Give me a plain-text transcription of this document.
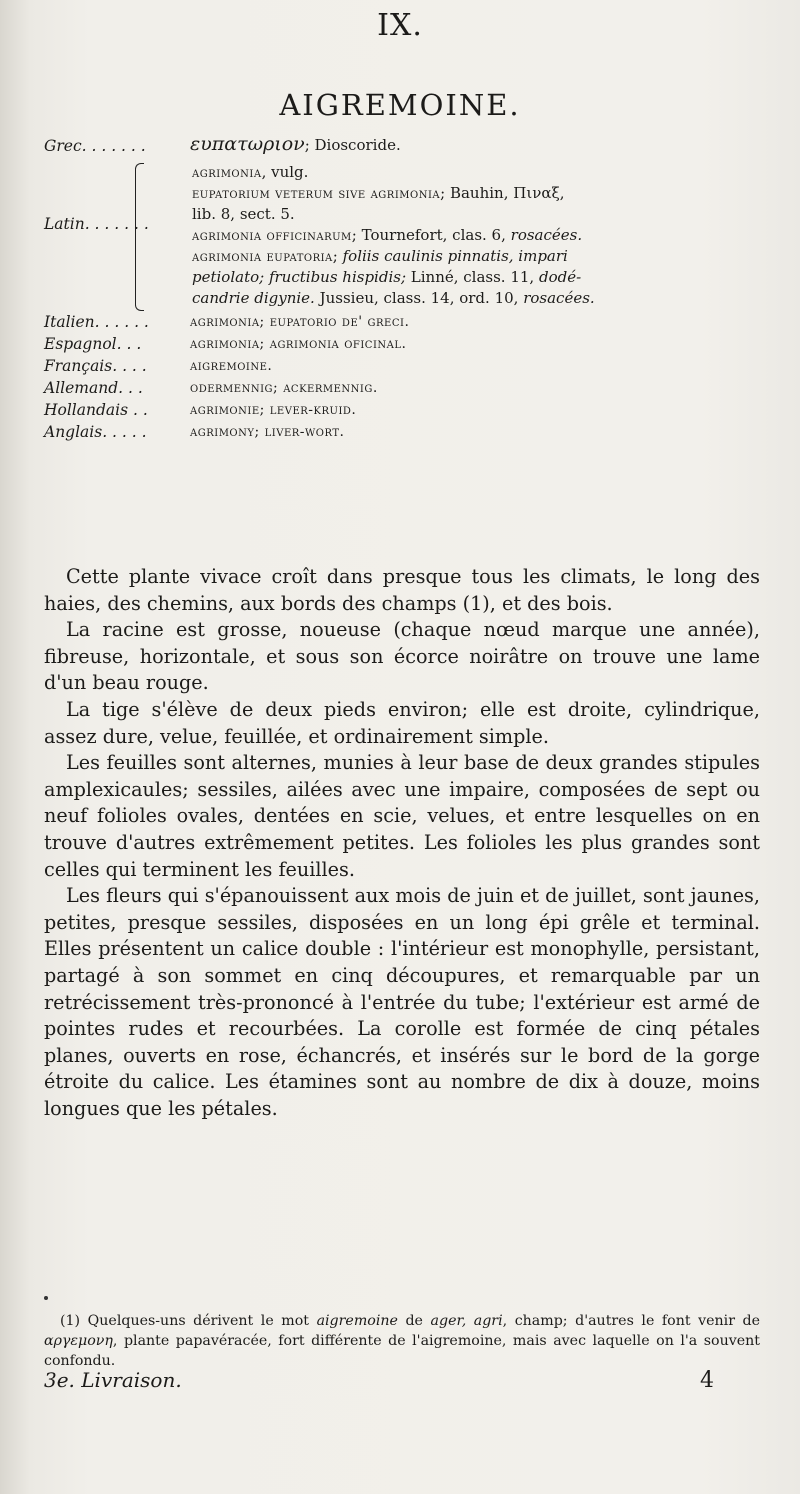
IX.
AIGREMOINE.
Grec. . . . . . . ευπατωριον; Dioscoride.
Latin. . . . . . .
agrimonia, vulg.
eupatorium veterum sive agrimonia; Bauhin, Πιναξ,
lib. 8, sect. 5.
agrimonia officinarum; Tournefort, clas. 6, rosacées.
agrimonia eupatoria; foliis caulinis pinnatis, impari
petiolato; fructibus hispidis; Linné, class. 11, dodé-
candrie digynie. Jussieu, class. 14, ord. 10, rosacées.
Italien. . . . . .	agrimonia; eupatorio de' greci.
Espagnol. . .	agrimonia; agrimonia oficinal.
Français. . . .	aigremoine.
Allemand. . .	odermennig; ackermennig.
Hollandais . .	agrimonie; lever-kruid.
Anglais. . . . .	agrimony; liver-wort.

Cette plante vivace croît dans presque tous les climats, le long des haies, des chemins, aux bords des champs (1), et des bois.

La racine est grosse, noueuse (chaque nœud marque une année), fibreuse, horizontale, et sous son écorce noirâtre on trouve une lame d'un beau rouge.

La tige s'élève de deux pieds environ; elle est droite, cylindrique, assez dure, velue, feuillée, et ordinairement simple.

Les feuilles sont alternes, munies à leur base de deux grandes stipules amplexicaules; sessiles, ailées avec une impaire, composées de sept ou neuf folioles ovales, dentées en scie, velues, et entre lesquelles on en trouve d'autres extrêmement petites. Les folioles les plus grandes sont celles qui terminent les feuilles.

Les fleurs qui s'épanouissent aux mois de juin et de juillet, sont jaunes, petites, presque sessiles, disposées en un long épi grêle et terminal. Elles présentent un calice double : l'intérieur est monophylle, persistant, partagé à son sommet en cinq découpures, et remarquable par un retrécissement très-prononcé à l'entrée du tube; l'extérieur est armé de pointes rudes et recourbées. La corolle est formée de cinq pétales planes, ouverts en rose, échancrés, et insérés sur le bord de la gorge étroite du calice. Les étamines sont au nombre de dix à douze, moins longues que les pétales.

(1) Quelques-uns dérivent le mot aigremoine de ager, agri, champ; d'autres le font venir de αργεμονη, plante papavéracée, fort différente de l'aigremoine, mais avec laquelle on l'a souvent confondu.
3e. Livraison.	4
